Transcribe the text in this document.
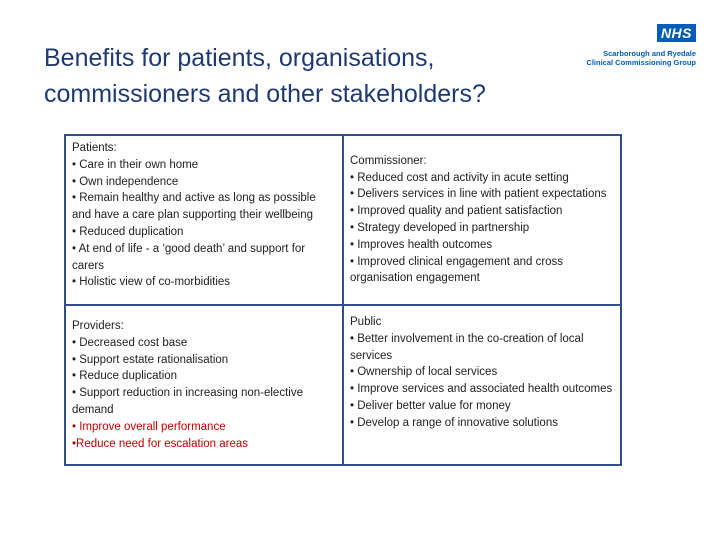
Benefits for patients, organisations, commissioners and other stakeholders?
NHS
Scarborough and Ryedale
Clinical Commissioning Group
Patients:
• Care in their own home
• Own independence
• Remain healthy and active as long as possible and have a care plan supporting their wellbeing
• Reduced duplication
• At end of life - a ‘good death’ and support for carers
• Holistic view of co-morbidities
Commissioner:
• Reduced cost and activity in acute setting
• Delivers services in line with patient expectations
• Improved quality and patient satisfaction
• Strategy developed in partnership
• Improves health outcomes
• Improved clinical engagement and cross organisation engagement
Providers:
• Decreased cost base
• Support estate rationalisation
• Reduce duplication
• Support reduction in increasing non-elective demand
• Improve overall performance
•Reduce need for escalation areas
Public
• Better involvement in the co-creation of local services
• Ownership of local services
• Improve services and associated health outcomes
• Deliver better value for money
• Develop a range of innovative solutions
